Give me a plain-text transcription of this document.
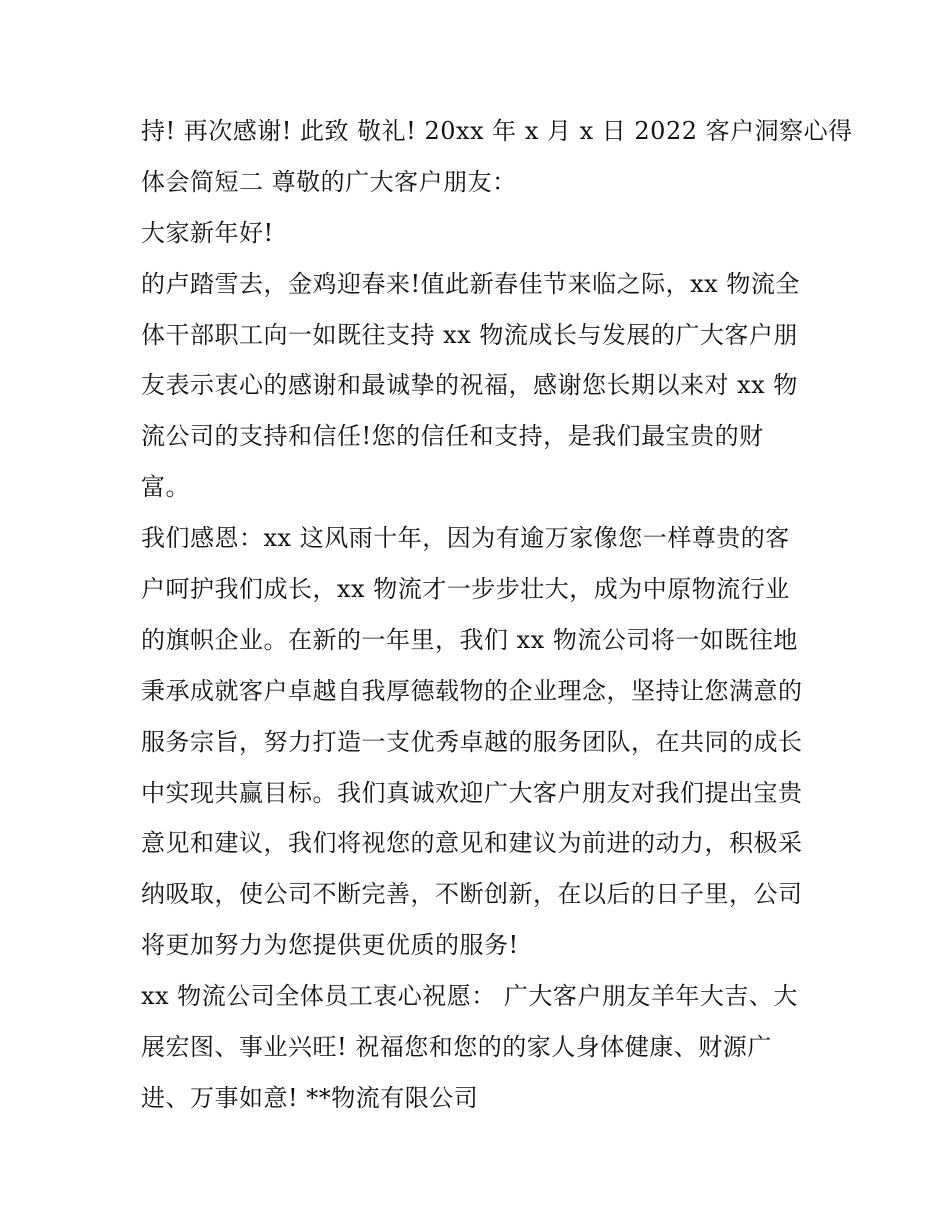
持! 再次感谢! 此致 敬礼! 20xx 年 x 月 x 日 2022 客户洞察心得
体会简短二 尊敬的广大客户朋友：
大家新年好!
的卢踏雪去，金鸡迎春来!值此新春佳节来临之际，xx 物流全
体干部职工向一如既往支持 xx 物流成长与发展的广大客户朋
友表示衷心的感谢和最诚挚的祝福，感谢您长期以来对 xx 物
流公司的支持和信任!您的信任和支持，是我们最宝贵的财
富。
我们感恩：xx 这风雨十年，因为有逾万家像您一样尊贵的客
户呵护我们成长，xx 物流才一步步壮大，成为中原物流行业
的旗帜企业。在新的一年里，我们 xx 物流公司将一如既往地
秉承成就客户卓越自我厚德载物的企业理念，坚持让您满意的
服务宗旨，努力打造一支优秀卓越的服务团队，在共同的成长
中实现共赢目标。我们真诚欢迎广大客户朋友对我们提出宝贵
意见和建议，我们将视您的意见和建议为前进的动力，积极采
纳吸取，使公司不断完善，不断创新，在以后的日子里，公司
将更加努力为您提供更优质的服务!
xx 物流公司全体员工衷心祝愿： 广大客户朋友羊年大吉、大
展宏图、事业兴旺! 祝福您和您的的家人身体健康、财源广
进、万事如意! **物流有限公司
